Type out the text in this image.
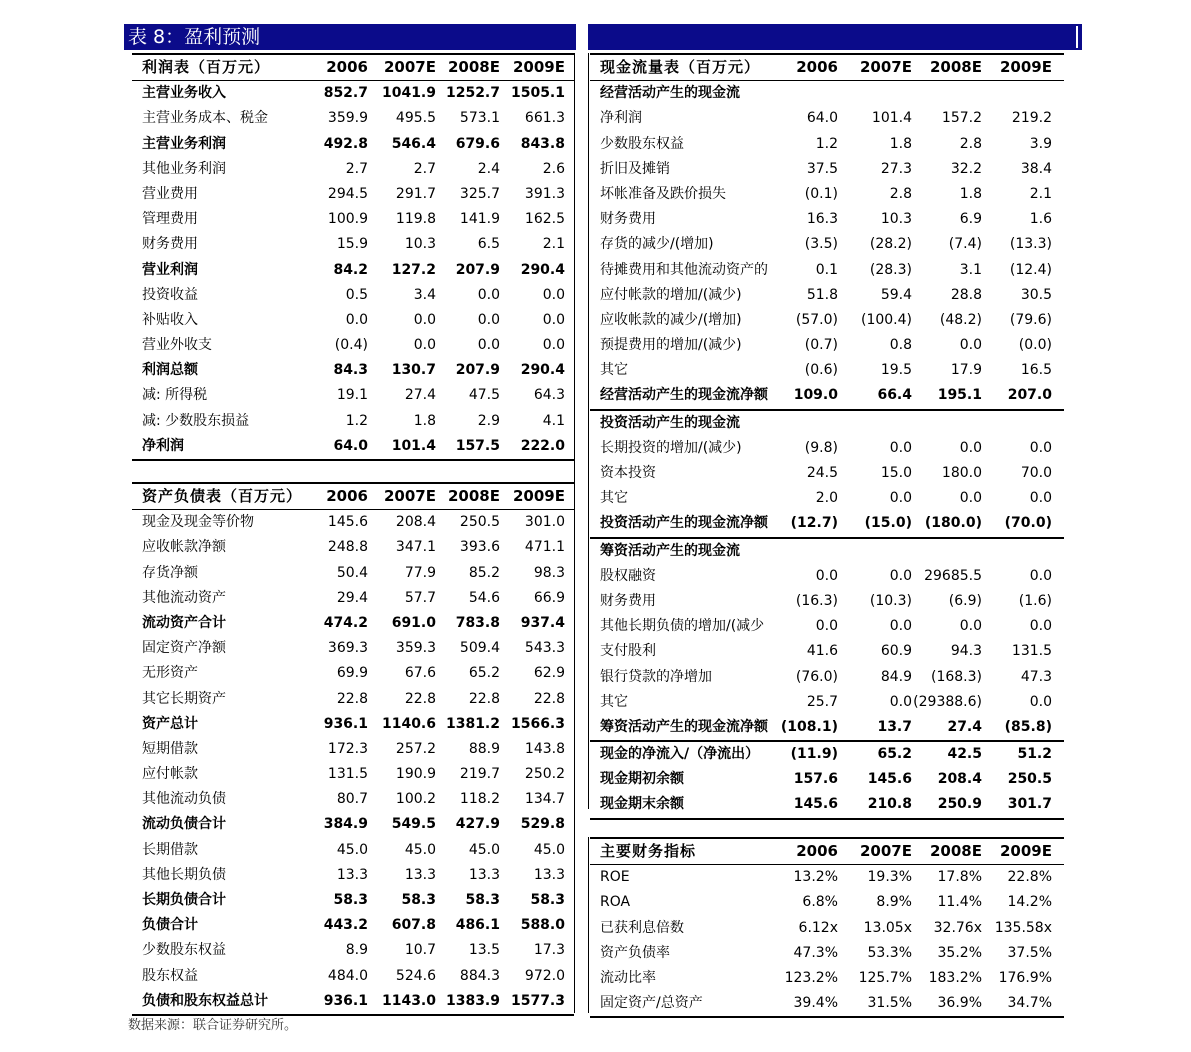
表 8：盈利预测
利润表（百万元）	2006 2007E 2008E 2009E
主营业务收入	852.7 1041.9 1252.7 1505.1
主营业务成本、税金	359.9 495.5 573.1 661.3
主营业务利润	492.8 546.4 679.6 843.8
其他业务利润	2.7	2.7	2.4	2.6
营业费用	294.5 291.7 325.7 391.3
管理费用	100.9 119.8 141.9 162.5
财务费用	15.9	10.3	6.5	2.1
营业利润	84.2 127.2 207.9 290.4
投资收益	0.5	3.4	0.0	0.0
补贴收入	0.0	0.0	0.0	0.0
营业外收支	(0.4)	0.0	0.0	0.0
利润总额	84.3 130.7 207.9 290.4
减: 所得税	19.1	27.4 47.5 64.3
减: 少数股东损益	1.2	1.8	2.9	4.1
净利润	64.0 101.4 157.5 222.0
资产负债表（百万元） 2006 2007E 2008E 2009E
现金及现金等价物	145.6 208.4 250.5 301.0
应收帐款净额	248.8 347.1 393.6 471.1
存货净额	50.4	77.9 85.2 98.3
其他流动资产	29.4	57.7 54.6 66.9
流动资产合计	474.2 691.0 783.8 937.4
固定资产净额	369.3 359.3 509.4 543.3
无形资产	69.9	67.6 65.2 62.9
其它长期资产	22.8	22.8 22.8 22.8
资产总计	936.1 1140.6 1381.2 1566.3
短期借款	172.3 257.2 88.9 143.8
应付帐款	131.5 190.9 219.7 250.2
其他流动负债	80.7 100.2 118.2 134.7
流动负债合计	384.9 549.5 427.9 529.8
长期借款	45.0	45.0 45.0 45.0
其他长期负债	13.3	13.3 13.3 13.3
长期负债合计	58.3 58.3 58.3 58.3
负债合计	443.2 607.8 486.1 588.0
少数股东权益	8.9	10.7 13.5 17.3
股东权益	484.0 524.6 884.3 972.0
负债和股东权益总计	936.1 1143.0 1383.9 1577.3
现金流量表（百万元） 2006 2007E 2008E 2009E
经营活动产生的现金流
净利润	64.0 101.4 157.2 219.2
少数股东权益	1.2	1.8	2.8	3.9
折旧及摊销	37.5	27.3	32.2	38.4
坏帐准备及跌价损失	(0.1)	2.8	1.8	2.1
财务费用	16.3	10.3	6.9	1.6
存货的减少/(增加)	(3.5) (28.2)	(7.4) (13.3)
待摊费用和其他流动资产的	0.1 (28.3)	3.1 (12.4)
应付帐款的增加/(减少)	51.8	59.4	28.8	30.5
应收帐款的减少/(增加)	(57.0) (100.4) (48.2) (79.6)
预提费用的增加/(减少)	(0.7)	0.8	0.0	(0.0)
其它	(0.6)	19.5	17.9	16.5
经营活动产生的现金流净额	109.0	66.4 195.1 207.0
投资活动产生的现金流
长期投资的增加/(减少)	(9.8)	0.0	0.0	0.0
资本投资	24.5	15.0 180.0	70.0
其它	2.0	0.0	0.0	0.0
投资活动产生的现金流净额	(12.7) (15.0) (180.0) (70.0)
筹资活动产生的现金流
股权融资	0.0	0.0 29685.5	0.0
财务费用	(16.3) (10.3)	(6.9)	(1.6)
其他长期负债的增加/(减少	0.0	0.0	0.0	0.0
支付股利	41.6	60.9	94.3 131.5
银行贷款的净增加	(76.0)	84.9 (168.3)	47.3
其它	25.7	0.0 (29388.6)	0.0
筹资活动产生的现金流净额 (108.1)	13.7	27.4 (85.8)
现金的净流入/（净流出）	(11.9)	65.2	42.5	51.2
现金期初余额	157.6 145.6 208.4 250.5
现金期末余额	145.6 210.8 250.9 301.7
主要财务指标	2006 2007E 2008E 2009E
ROE	13.2% 19.3% 17.8% 22.8%
ROA	6.8%	8.9% 11.4% 14.2%
已获利息倍数	6.12x 13.05x 32.76x 135.58x
资产负债率	47.3% 53.3% 35.2% 37.5%
流动比率	123.2% 125.7% 183.2% 176.9%
固定资产/总资产	39.4% 31.5% 36.9% 34.7%
数据来源：联合证券研究所。
